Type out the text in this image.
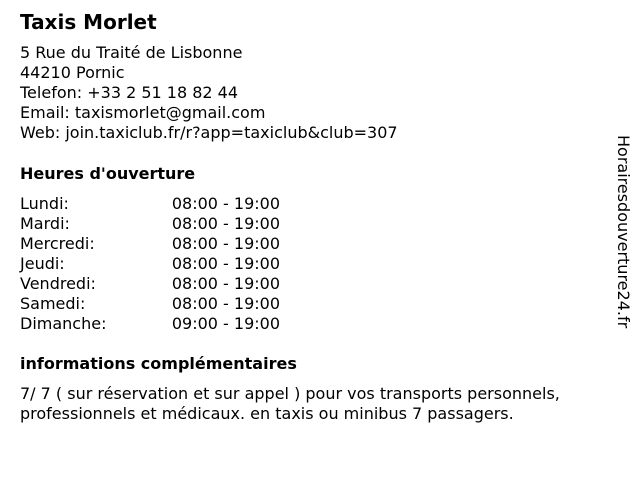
Taxis Morlet
5 Rue du Traité de Lisbonne
44210 Pornic
Telefon: +33 2 51 18 82 44
Email: taxismorlet@gmail.com
Web: join.taxiclub.fr/r?app=taxiclub&club=307
Heures d'ouverture
Lundi:	08:00 - 19:00
Mardi:	08:00 - 19:00
Mercredi:	08:00 - 19:00
Jeudi:	08:00 - 19:00
Vendredi:	08:00 - 19:00
Samedi:	08:00 - 19:00
Dimanche:	09:00 - 19:00
informations complémentaires
7/ 7 ( sur réservation et sur appel ) pour vos transports personnels,
professionnels et médicaux. en taxis ou minibus 7 passagers.
Horairesdouverture24.fr
